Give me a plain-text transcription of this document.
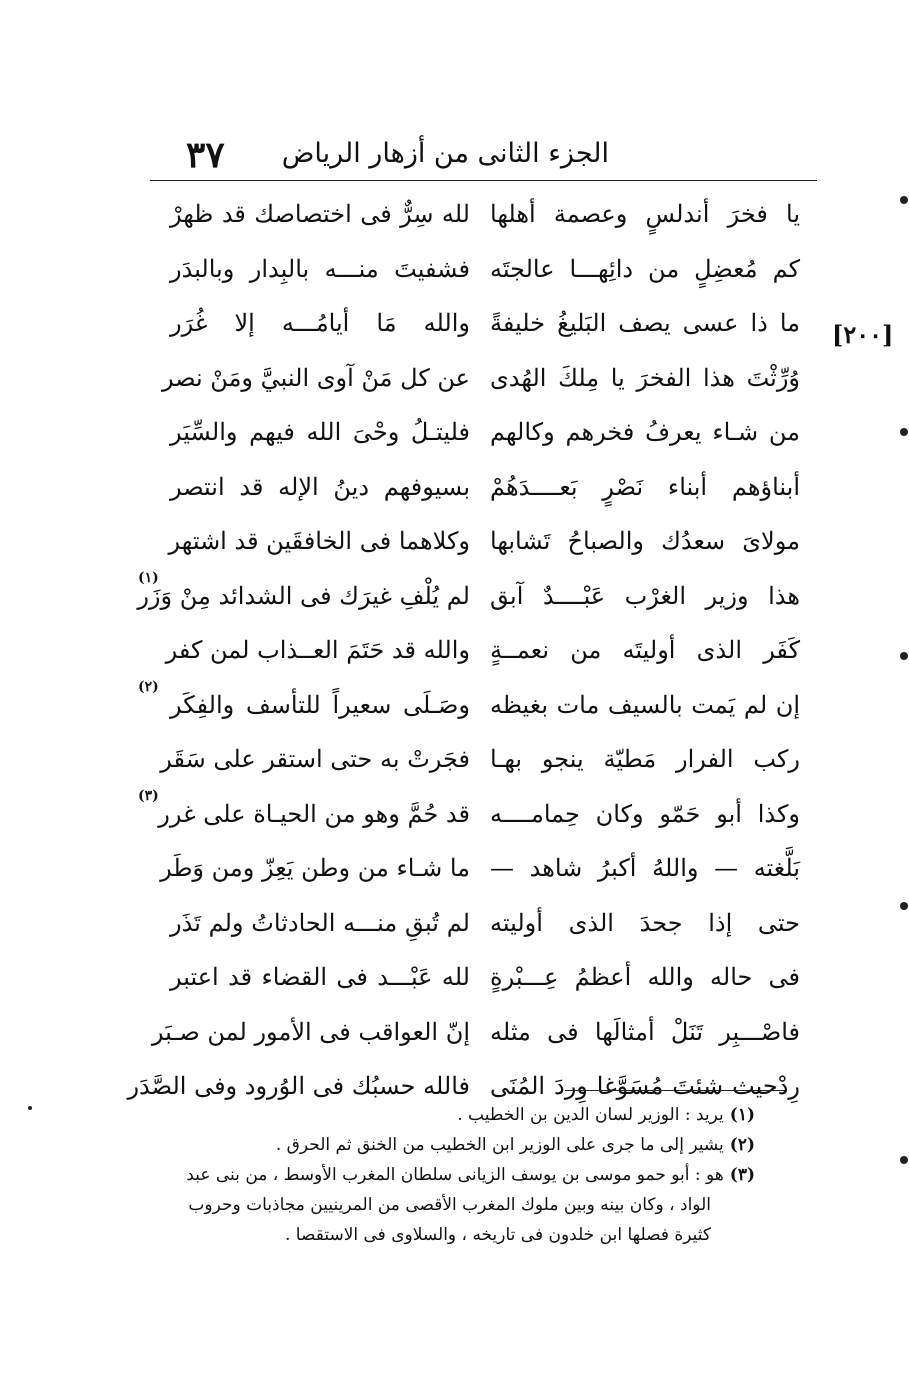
٣٧ الجزء الثانى من أزهار الرياض
[٢٠٠]
يا فخرَ أندلسٍ وعصمة أهلها
لله سِرٌّ فى اختصاصك قد ظهرْ
كم مُعضِلٍ من دائِهـــا عالجتَه
فشفيتَ منـــه بالبِدار وبالبدَر
ما ذا عسى يصف البَليغُ خليفةً
والله مَا أيامُـــه إلا غُرَر
وُرِّثْتَ هذا الفخرَ يا مِلكَ الهُدى
عن كل مَنْ آوى النبيَّ ومَنْ نصر
من شـاء يعرفُ فخرهم وكالهم
فليتـلُ وحْىَ الله فيهم والسِّيَر
أبناؤهم أبناء نَصْرٍ بَعــــدَهُمْ
بسيوفهم دينُ الإله قد انتصر
مولاىَ سعدُك والصباحُ تَشابها
وكلاهما فى الخافقَين قد اشتهر
هذا وزير الغرْب عَبْــــدٌ آبق
لم يُلْفِ غيرَك فى الشدائد مِنْ وَزَر
(١)
كَفَر الذى أوليتَه من نعمــةٍ
والله قد حَتَمَ العــذاب لمن كفر
إن لم يَمت بالسيف مات بغيظه
وصَـلَى سعيراً للتأسف والفِكَر
(٢)
ركب الفرار مَطيّة ينجو بهـا
فجَرتْ به حتى استقر على سَقَر
وكذا أبو حَمّو وكان حِمامــــه
قد حُمَّ وهو من الحيـاة على غرر
(٣)
بَلَّغته — واللهُ أكبرُ شاهد —
ما شـاء من وطن يَعِزّ ومن وَطَر
حتى إذا جحدَ الذى أوليته
لم تُبقِ منـــه الحادثاتُ ولم تَذَر
فى حاله والله أعظمُ عِـــبْرةٍ
لله عَبْـــد فى القضاء قد اعتبر
فاصْـــبِر تَنَلْ أمثالَها فى مثله
إنّ العواقب فى الأمور لمن صـبَر
رِدْحيث شئتَ مُسَوَّغا وِردَ المُنَى
فالله حسبُك فى الوُرود وفى الصَّدَر

(١)يريد : الوزير لسان الدين بن الخطيب .

(٢)يشير إلى ما جرى على الوزير ابن الخطيب من الخنق ثم الحرق .

(٣)هو : أبو حمو موسى بن يوسف الزيانى سلطان المغرب الأوسط ، من بنى عبد

الواد ، وكان بينه وبين ملوك المغرب الأقصى من المرينيين مجاذبات وحروب

كثيرة فصلها ابن خلدون فى تاريخه ، والسلاوى فى الاستقصا .
